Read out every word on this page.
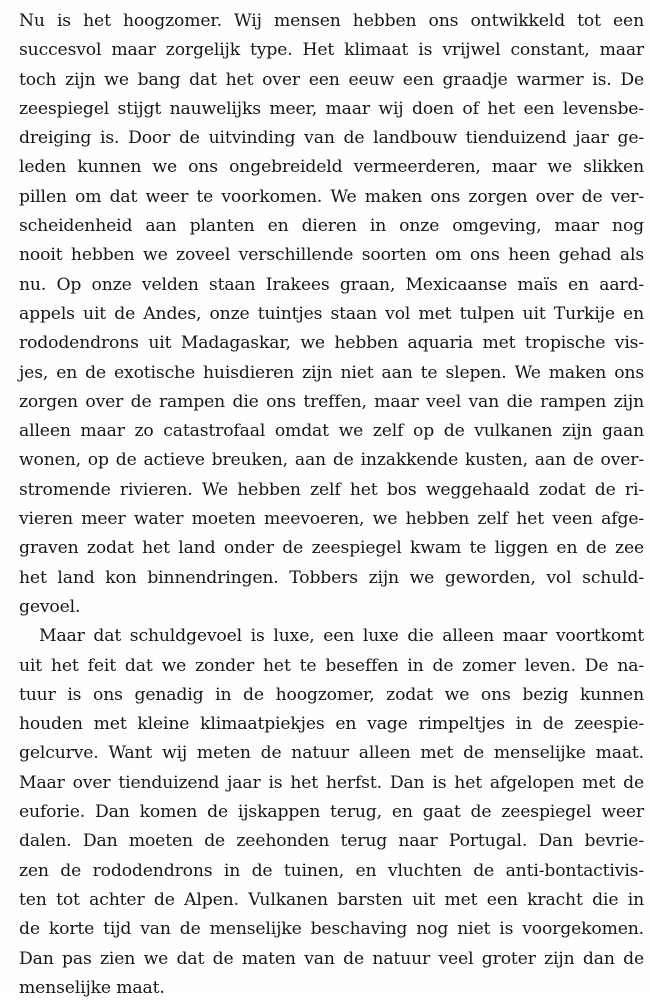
Nu is het hoogzomer. Wij mensen hebben ons ontwikkeld tot een
succesvol maar zorgelijk type. Het klimaat is vrijwel constant, maar
toch zijn we bang dat het over een eeuw een graadje warmer is. De
zeespiegel stijgt nauwelijks meer, maar wij doen of het een levensbe-
dreiging is. Door de uitvinding van de landbouw tienduizend jaar ge-
leden kunnen we ons ongebreideld vermeerderen, maar we slikken
pillen om dat weer te voorkomen. We maken ons zorgen over de ver-
scheidenheid aan planten en dieren in onze omgeving, maar nog
nooit hebben we zoveel verschillende soorten om ons heen gehad als
nu. Op onze velden staan Irakees graan, Mexicaanse maïs en aard-
appels uit de Andes, onze tuintjes staan vol met tulpen uit Turkije en
rododendrons uit Madagaskar, we hebben aquaria met tropische vis-
jes, en de exotische huisdieren zijn niet aan te slepen. We maken ons
zorgen over de rampen die ons treffen, maar veel van die rampen zijn
alleen maar zo catastrofaal omdat we zelf op de vulkanen zijn gaan
wonen, op de actieve breuken, aan de inzakkende kusten, aan de over-
stromende rivieren. We hebben zelf het bos weggehaald zodat de ri-
vieren meer water moeten meevoeren, we hebben zelf het veen afge-
graven zodat het land onder de zeespiegel kwam te liggen en de zee
het land kon binnendringen. Tobbers zijn we geworden, vol schuld-
gevoel.
Maar dat schuldgevoel is luxe, een luxe die alleen maar voortkomt
uit het feit dat we zonder het te beseffen in de zomer leven. De na-
tuur is ons genadig in de hoogzomer, zodat we ons bezig kunnen
houden met kleine klimaatpiekjes en vage rimpeltjes in de zeespie-
gelcurve. Want wij meten de natuur alleen met de menselijke maat.
Maar over tienduizend jaar is het herfst. Dan is het afgelopen met de
euforie. Dan komen de ijskappen terug, en gaat de zeespiegel weer
dalen. Dan moeten de zeehonden terug naar Portugal. Dan bevrie-
zen de rododendrons in de tuinen, en vluchten de anti-bontactivis-
ten tot achter de Alpen. Vulkanen barsten uit met een kracht die in
de korte tijd van de menselijke beschaving nog niet is voorgekomen.
Dan pas zien we dat de maten van de natuur veel groter zijn dan de
menselijke maat.
